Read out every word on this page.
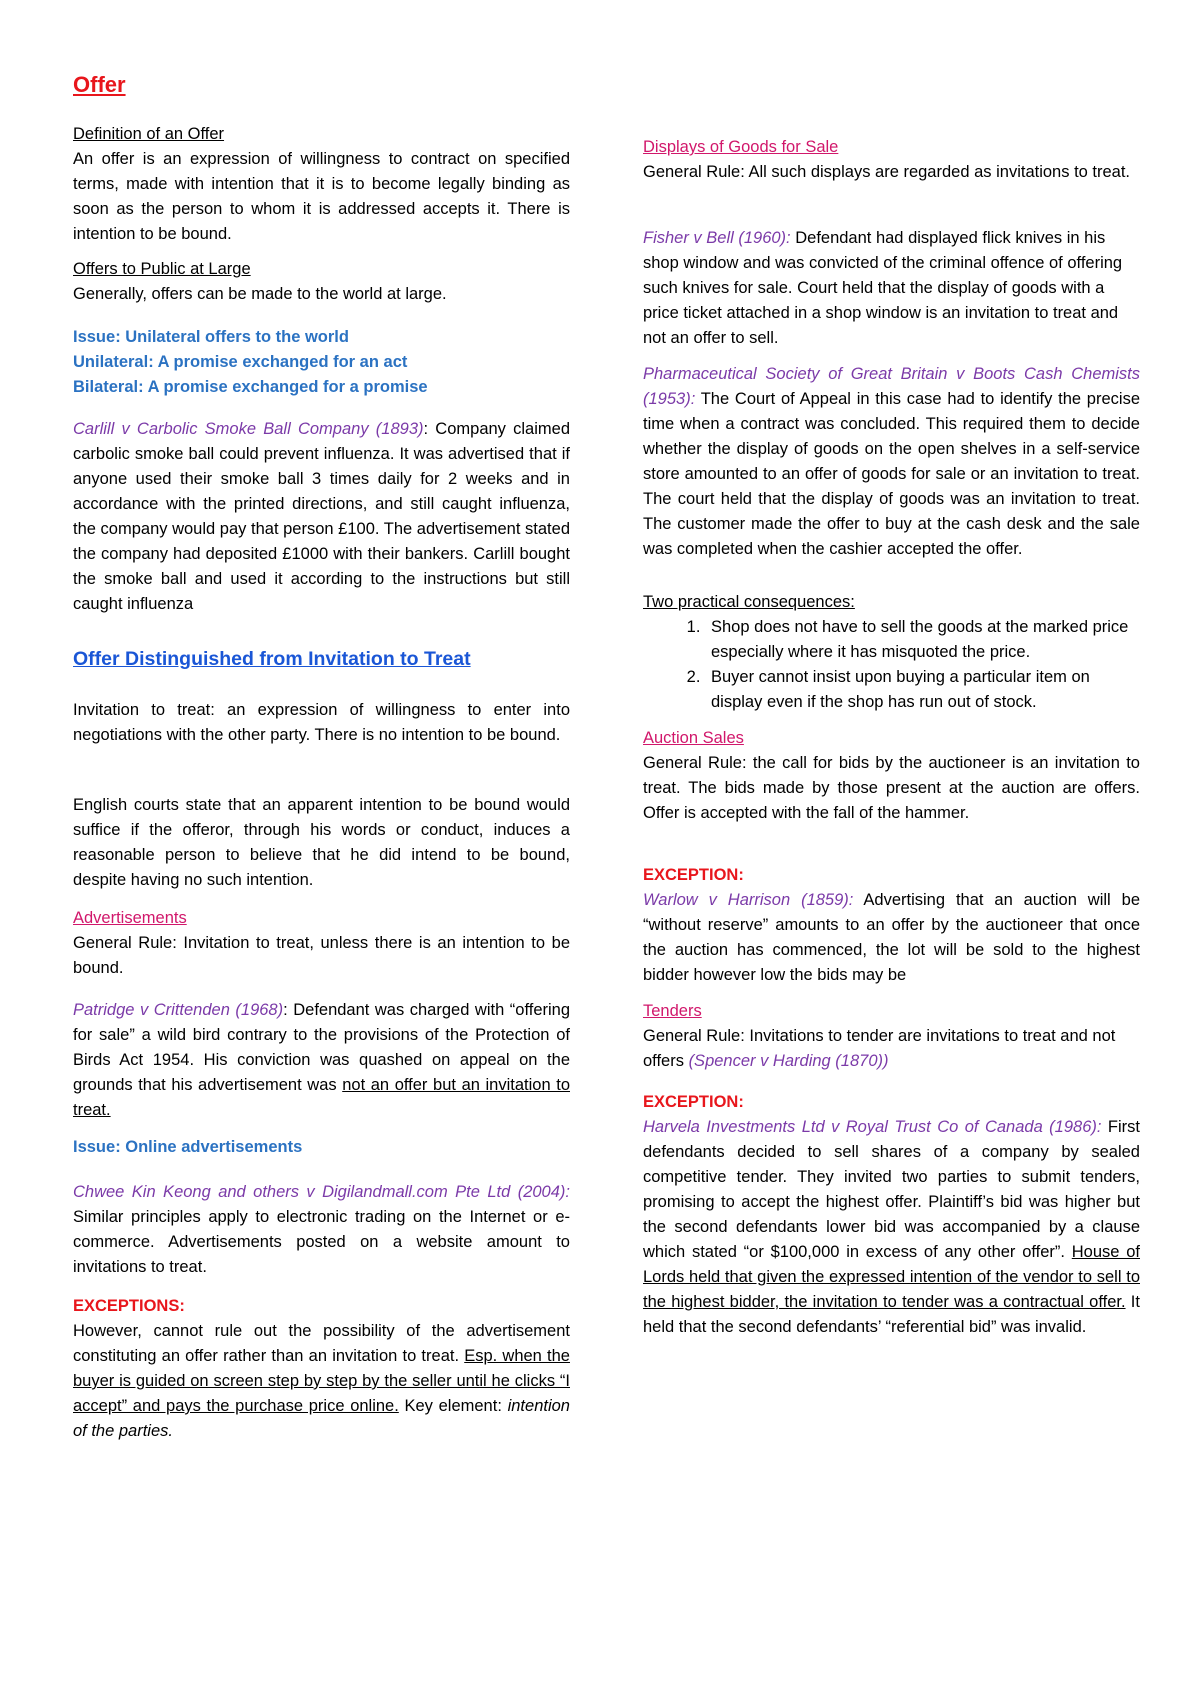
Offer

Definition of an Offer

An offer is an expression of willingness to contract on specified terms, made with intention that it is to become legally binding as soon as the person to whom it is addressed accepts it. There is intention to be bound.

Offers to Public at Large

Generally, offers can be made to the world at large.

Issue: Unilateral offers to the world

Unilateral: A promise exchanged for an act

Bilateral: A promise exchanged for a promise

Carlill v Carbolic Smoke Ball Company (1893): Company claimed carbolic smoke ball could prevent influenza. It was advertised that if anyone used their smoke ball 3 times daily for 2 weeks and in accordance with the printed directions, and still caught influenza, the company would pay that person £100. The advertisement stated the company had deposited £1000 with their bankers. Carlill bought the smoke ball and used it according to the instructions but still caught influenza

Offer Distinguished from Invitation to Treat

Invitation to treat: an expression of willingness to enter into negotiations with the other party. There is no intention to be bound.

English courts state that an apparent intention to be bound would suffice if the offeror, through his words or conduct, induces a reasonable person to believe that he did intend to be bound, despite having no such intention.

Advertisements

General Rule: Invitation to treat, unless there is an intention to be bound.

Patridge v Crittenden (1968): Defendant was charged with “offering for sale” a wild bird contrary to the provisions of the Protection of Birds Act 1954. His conviction was quashed on appeal on the grounds that his advertisement was not an offer but an invitation to treat.

Issue: Online advertisements

Chwee Kin Keong and others v Digilandmall.com Pte Ltd (2004): Similar principles apply to electronic trading on the Internet or e-commerce. Advertisements posted on a website amount to invitations to treat.

EXCEPTIONS:

However, cannot rule out the possibility of the advertisement constituting an offer rather than an invitation to treat. Esp. when the buyer is guided on screen step by step by the seller until he clicks “I accept” and pays the purchase price online. Key element: intention of the parties.

Displays of Goods for Sale

General Rule: All such displays are regarded as invitations to treat.

Fisher v Bell (1960): Defendant had displayed flick knives in his shop window and was convicted of the criminal offence of offering such knives for sale. Court held that the display of goods with a price ticket attached in a shop window is an invitation to treat and not an offer to sell.

Pharmaceutical Society of Great Britain v Boots Cash Chemists (1953): The Court of Appeal in this case had to identify the precise time when a contract was concluded. This required them to decide whether the display of goods on the open shelves in a self-service store amounted to an offer of goods for sale or an invitation to treat. The court held that the display of goods was an invitation to treat. The customer made the offer to buy at the cash desk and the sale was completed when the cashier accepted the offer.

Two practical consequences:

1. Shop does not have to sell the goods at the marked price especially where it has misquoted the price.
2. Buyer cannot insist upon buying a particular item on display even if the shop has run out of stock.

Auction Sales

General Rule: the call for bids by the auctioneer is an invitation to treat. The bids made by those present at the auction are offers. Offer is accepted with the fall of the hammer.

EXCEPTION:

Warlow v Harrison (1859): Advertising that an auction will be “without reserve” amounts to an offer by the auctioneer that once the auction has commenced, the lot will be sold to the highest bidder however low the bids may be

Tenders

General Rule: Invitations to tender are invitations to treat and not offers (Spencer v Harding (1870))

EXCEPTION:

Harvela Investments Ltd v Royal Trust Co of Canada (1986): First defendants decided to sell shares of a company by sealed competitive tender. They invited two parties to submit tenders, promising to accept the highest offer. Plaintiff’s bid was higher but the second defendants lower bid was accompanied by a clause which stated “or $100,000 in excess of any other offer”. House of Lords held that given the expressed intention of the vendor to sell to the highest bidder, the invitation to tender was a contractual offer. It held that the second defendants’ “referential bid” was invalid.
